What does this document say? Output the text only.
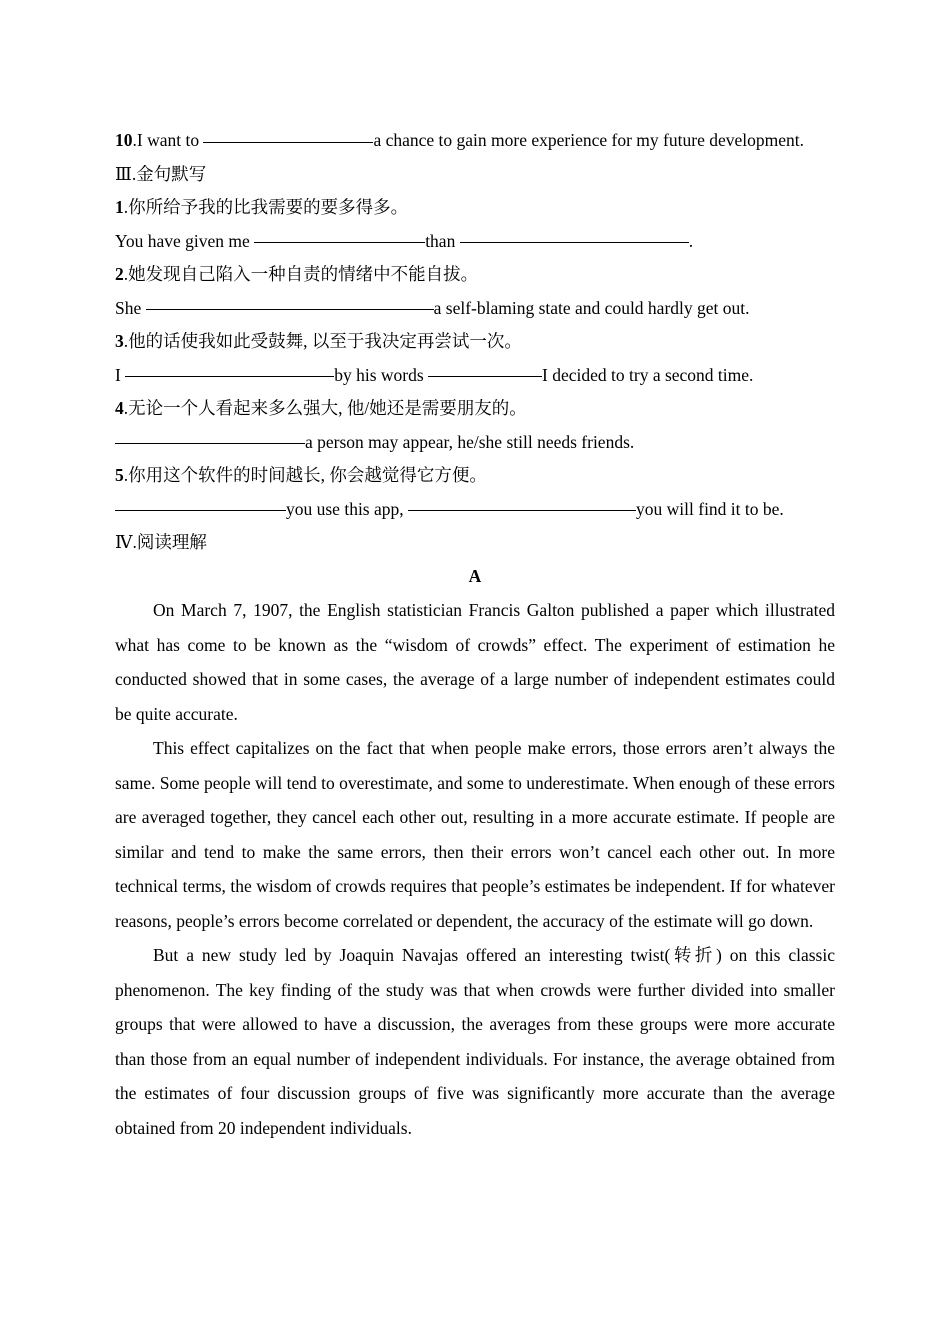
10.I want to	a chance to gain more experience for my future development.
Ⅲ.金句默写
1.你所给予我的比我需要的要多得多。
You have given me	than	.
2.她发现自己陷入一种自责的情绪中不能自拔。
She	a self-blaming state and could hardly get out.
3.他的话使我如此受鼓舞, 以至于我决定再尝试一次。
I	by his words	I decided to try a second time.
4.无论一个人看起来多么强大, 他/她还是需要朋友的。
a person may appear, he/she still needs friends.
5.你用这个软件的时间越长, 你会越觉得它方便。
you use this app,	you will find it to be.
Ⅳ.阅读理解
A

On March 7, 1907, the English statistician Francis Galton published a paper which illustrated what has come to be known as the “wisdom of crowds” effect. The experiment of estimation he conducted showed that in some cases, the average of a large number of independent estimates could be quite accurate.

This effect capitalizes on the fact that when people make errors, those errors aren’t always the same. Some people will tend to overestimate, and some to underestimate. When enough of these errors are averaged together, they cancel each other out, resulting in a more accurate estimate. If people are similar and tend to make the same errors, then their errors won’t cancel each other out. In more technical terms, the wisdom of crowds requires that people’s estimates be independent. If for whatever reasons, people’s errors become correlated or dependent, the accuracy of the estimate will go down.

But a new study led by Joaquin Navajas offered an interesting twist(转折) on this classic phenomenon. The key finding of the study was that when crowds were further divided into smaller groups that were allowed to have a discussion, the averages from these groups were more accurate than those from an equal number of independent individuals. For instance, the average obtained from the estimates of four discussion groups of five was significantly more accurate than the average obtained from 20 independent individuals.
